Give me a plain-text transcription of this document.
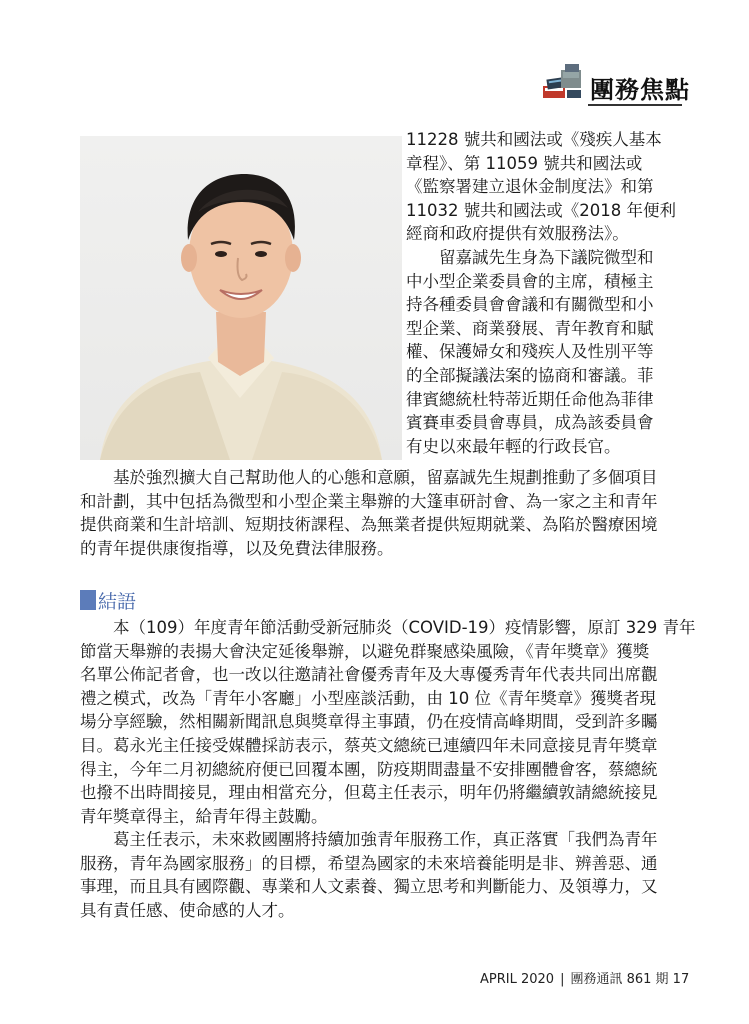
團務焦點
11228 號共和國法或《殘疾人基本
章程》、第 11059 號共和國法或
《監察署建立退休金制度法》和第
11032 號共和國法或《2018 年便利
經商和政府提供有效服務法》。
留嘉誠先生身為下議院微型和
中小型企業委員會的主席，積極主
持各種委員會會議和有關微型和小
型企業、商業發展、青年教育和賦
權、保護婦女和殘疾人及性別平等
的全部擬議法案的協商和審議。菲
律賓總統杜特蒂近期任命他為菲律
賓賽車委員會專員，成為該委員會
有史以來最年輕的行政長官。
基於強烈擴大自己幫助他人的心態和意願，留嘉誠先生規劃推動了多個項目
和計劃，其中包括為微型和小型企業主舉辦的大篷車研討會、為一家之主和青年
提供商業和生計培訓、短期技術課程、為無業者提供短期就業、為陷於醫療困境
的青年提供康復指導，以及免費法律服務。
結語
本（109）年度青年節活動受新冠肺炎（COVID-19）疫情影響，原訂 329 青年
節當天舉辦的表揚大會決定延後舉辦，以避免群聚感染風險，《青年獎章》獲獎
名單公佈記者會，也一改以往邀請社會優秀青年及大專優秀青年代表共同出席觀
禮之模式，改為「青年小客廳」小型座談活動，由 10 位《青年獎章》獲獎者現
場分享經驗，然相關新聞訊息與獎章得主事蹟，仍在疫情高峰期間，受到許多矚
目。葛永光主任接受媒體採訪表示，蔡英文總統已連續四年未同意接見青年獎章
得主，今年二月初總統府便已回覆本團，防疫期間盡量不安排團體會客，蔡總統
也撥不出時間接見，理由相當充分，但葛主任表示，明年仍將繼續敦請總統接見
青年獎章得主，給青年得主鼓勵。
葛主任表示，未來救國團將持續加強青年服務工作，真正落實「我們為青年
服務，青年為國家服務」的目標，希望為國家的未來培養能明是非、辨善惡、通
事理，而且具有國際觀、專業和人文素養、獨立思考和判斷能力、及領導力，又
具有責任感、使命感的人才。
APRIL 2020 | 團務通訊 861 期 17
